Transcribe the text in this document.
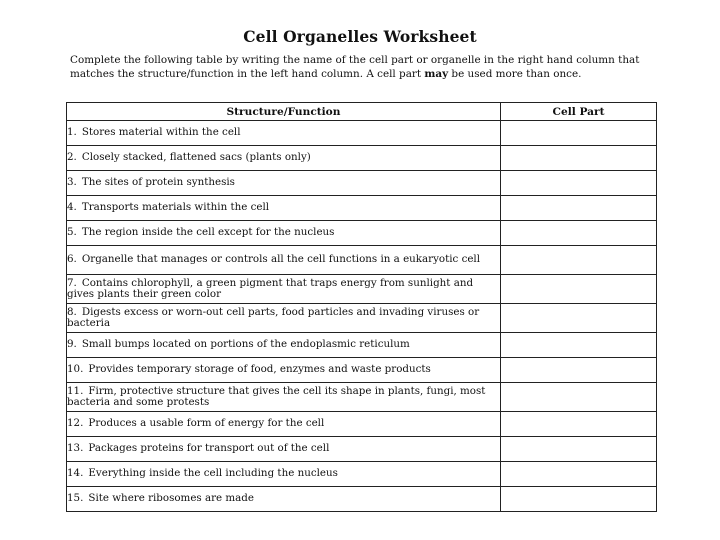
Cell Organelles Worksheet
Complete the following table by writing the name of the cell part or organelle in the right hand column that matches the structure/function in the left hand column. A cell part may be used more than once.
Structure/Function	Cell Part
1. Stores material within the cell	
2. Closely stacked, flattened sacs (plants only)	
3. The sites of protein synthesis	
4. Transports materials within the cell	
5. The region inside the cell except for the nucleus	
6. Organelle that manages or controls all the cell functions in a eukaryotic cell	
7. Contains chlorophyll, a green pigment that traps energy from sunlight and gives plants their green color	
8. Digests excess or worn-out cell parts, food particles and invading viruses or bacteria	
9. Small bumps located on portions of the endoplasmic reticulum	
10. Provides temporary storage of food, enzymes and waste products	
11. Firm, protective structure that gives the cell its shape in plants, fungi, most bacteria and some protests	
12. Produces a usable form of energy for the cell	
13. Packages proteins for transport out of the cell	
14. Everything inside the cell including the nucleus	
15. Site where ribosomes are made	
